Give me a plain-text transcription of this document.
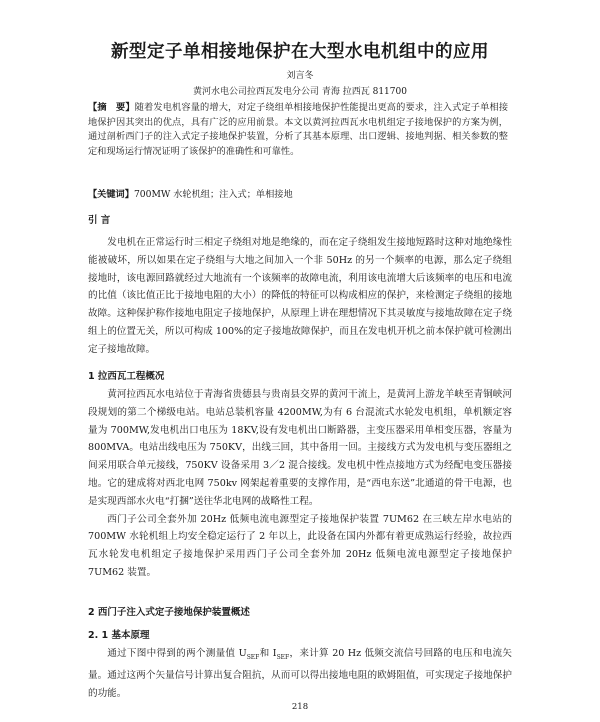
新型定子单相接地保护在大型水电机组中的应用
刘言冬
黄河水电公司拉西瓦发电分公司 青海 拉西瓦 811700
【摘　要】随着发电机容量的增大，对定子绕组单相接地保护性能提出更高的要求，注入式定子单相接地保护因其突出的优点，具有广泛的应用前景。本文以黄河拉西瓦水电机组定子接地保护的方案为例，通过剖析西门子的注入式定子接地保护装置，分析了其基本原理、出口逻辑、接地判据、相关参数的整定和现场运行情况证明了该保护的准确性和可靠性。
【关键词】700MW 水轮机组；注入式；单相接地
引 言

发电机在正常运行时三相定子绕组对地是绝缘的，而在定子绕组发生接地短路时这种对地绝缘性能被破坏，所以如果在定子绕组与大地之间加入一个非 50Hz 的另一个频率的电源，那么定子绕组接地时，该电源回路就经过大地流有一个该频率的故障电流，利用该电流增大后该频率的电压和电流的比值（该比值正比于接地电阻的大小）的降低的特征可以构成相应的保护，来检测定子绕组的接地故障。这种保护称作接地电阻定子接地保护，从原理上讲在理想情况下其灵敏度与接地故障在定子绕组上的位置无关，所以可构成 100%的定子接地故障保护，而且在发电机开机之前本保护就可检测出定子接地故障。

1 拉西瓦工程概况

黄河拉西瓦水电站位于青海省贵德县与贵南县交界的黄河干流上，是黄河上游龙羊峡至青铜峡河段规划的第二个梯级电站。电站总装机容量 4200MW,为有 6 台混流式水轮发电机组，单机额定容量为 700MW,发电机出口电压为 18KV,设有发电机出口断路器，主变压器采用单相变压器，容量为 800MVA。电站出线电压为 750KV，出线三回，其中备用一回。主接线方式为发电机与变压器组之间采用联合单元接线，750KV 设备采用 3／2 混合接线。发电机中性点接地方式为经配电变压器接地。它的建成将对西北电网 750kv 网架起着重要的支撑作用，是“西电东送”北通道的骨干电源，也是实现西部水火电“打捆”送往华北电网的战略性工程。

西门子公司全套外加 20Hz 低频电流电源型定子接地保护装置 7UM62 在三峡左岸水电站的 700MW 水轮机组上均安全稳定运行了 2 年以上，此设备在国内外都有着更成熟运行经验，故拉西瓦水轮发电机组定子接地保护采用西门子公司全套外加 20Hz 低频电流电源型定子接地保护 7UM62 装置。

2 西门子注入式定子接地保护装置概述
2. 1 基本原理

通过下图中得到的两个测量值 $U_{SEF}$和 $I_{SEF}$，来计算 20 Hz 低频交流信号回路的电压和电流矢量。通过这两个矢量信号计算出复合阻抗，从而可以得出接地电阻的欧姆阻值，可实现定子接地保护的功能。

218
